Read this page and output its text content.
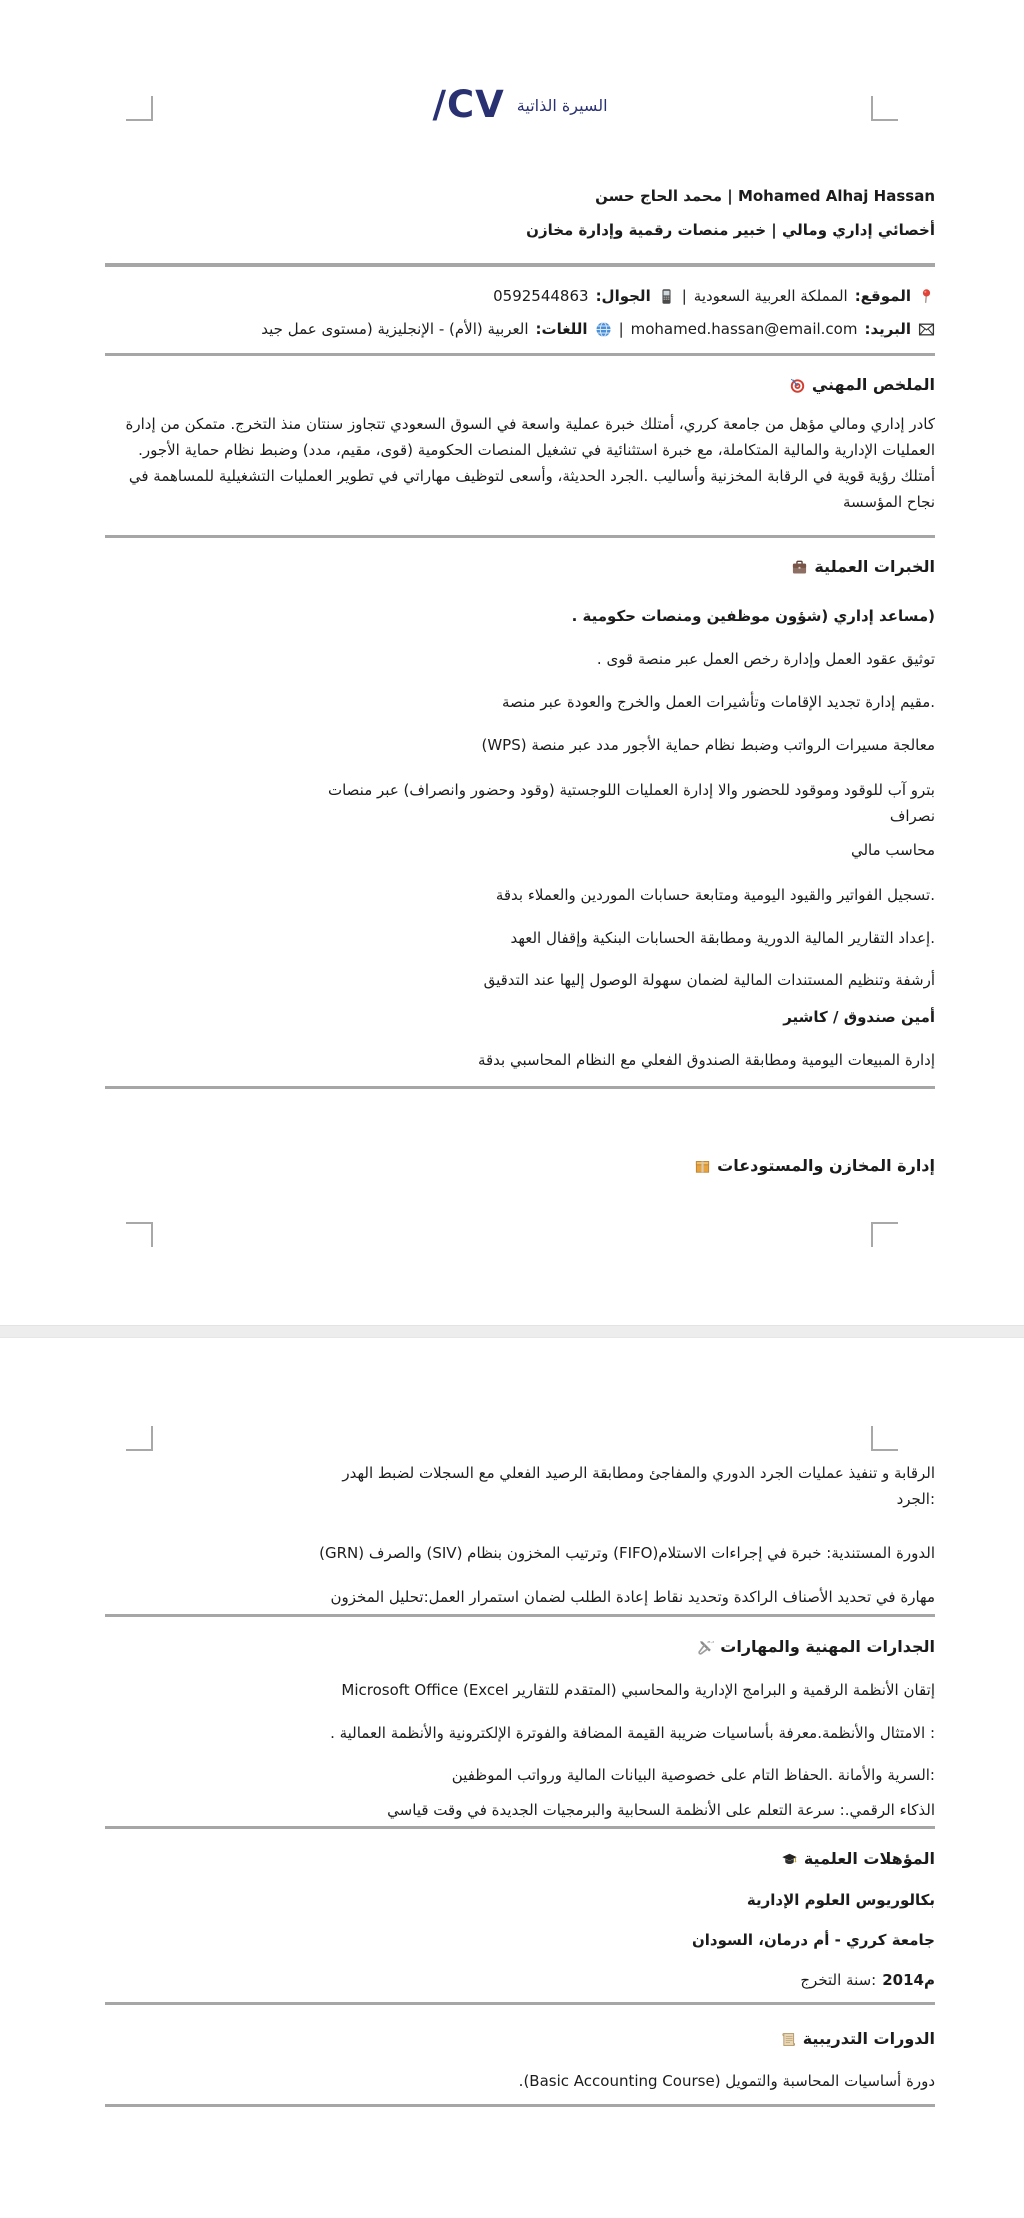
السيرة الذاتية
CV/
Mohamed Alhaj Hassan | محمد الحاج حسن
أخصائي إداري ومالي | خبير منصات رقمية وإدارة مخازن
الموقع:
المملكة العربية السعودية
|
الجوال:
0592544863
البريد:
mohamed.hassan@email.com
|
اللغات:
العربية (الأم) - الإنجليزية (مستوى عمل جيد
الملخص المهني
كادر إداري ومالي مؤهل من جامعة كرري، أمتلك خبرة عملية واسعة في السوق السعودي تتجاوز سنتان منذ التخرج. متمكن من إدارة العمليات الإدارية والمالية المتكاملة، مع خبرة استثنائية في تشغيل المنصات الحكومية (قوى، مقيم، مدد) وضبط نظام حماية الأجور. أمتلك رؤية قوية في الرقابة المخزنية وأساليب .الجرد الحديثة، وأسعى لتوظيف مهاراتي في تطوير العمليات التشغيلية للمساهمة في نجاح المؤسسة
الخبرات العملية
(مساعد إداري (شؤون موظفين ومنصات حكومية .
توثيق عقود العمل وإدارة رخص العمل عبر منصة قوى .
.مقيم إدارة تجديد الإقامات وتأشيرات العمل والخرج والعودة عبر منصة
معالجة مسيرات الرواتب وضبط نظام حماية الأجور مدد عبر منصة (WPS)
بترو آب للوقود وموقود للحضور والا إدارة العمليات اللوجستية (وقود وحضور وانصراف) عبر منصات
نصراف
محاسب مالي
.تسجيل الفواتير والقيود اليومية ومتابعة حسابات الموردين والعملاء بدقة
.إعداد التقارير المالية الدورية ومطابقة الحسابات البنكية وإقفال العهد
أرشفة وتنظيم المستندات المالية لضمان سهولة الوصول إليها عند التدقيق
أمين صندوق / كاشير
إدارة المبيعات اليومية ومطابقة الصندوق الفعلي مع النظام المحاسبي بدقة
إدارة المخازن والمستودعات
الرقابة و تنفيذ عمليات الجرد الدوري والمفاجئ ومطابقة الرصيد الفعلي مع السجلات لضبط الهدر
:الجرد
الدورة المستندية: خبرة في إجراءات الاستلام(FIFO) وترتيب المخزون بنظام (SIV) والصرف (GRN)
مهارة في تحديد الأصناف الراكدة وتحديد نقاط إعادة الطلب لضمان استمرار العمل:تحليل المخزون
الجدارات المهنية والمهارات
إتقان الأنظمة الرقمية و البرامج الإدارية والمحاسبي (المتقدم للتقارير Microsoft Office (Excel
: الامتثال والأنظمة.معرفة بأساسيات ضريبة القيمة المضافة والفوترة الإلكترونية والأنظمة العمالية .
:السرية والأمانة .الحفاظ التام على خصوصية البيانات المالية ورواتب الموظفين
الذكاء الرقمي.: سرعة التعلم على الأنظمة السحابية والبرمجيات الجديدة في وقت قياسي
المؤهلات العلمية
بكالوريوس العلوم الإدارية
جامعة كرري - أم درمان، السودان
م2014
:سنة التخرج
الدورات التدريبية
دورة أساسيات المحاسبة والتمويل (Basic Accounting Course).
